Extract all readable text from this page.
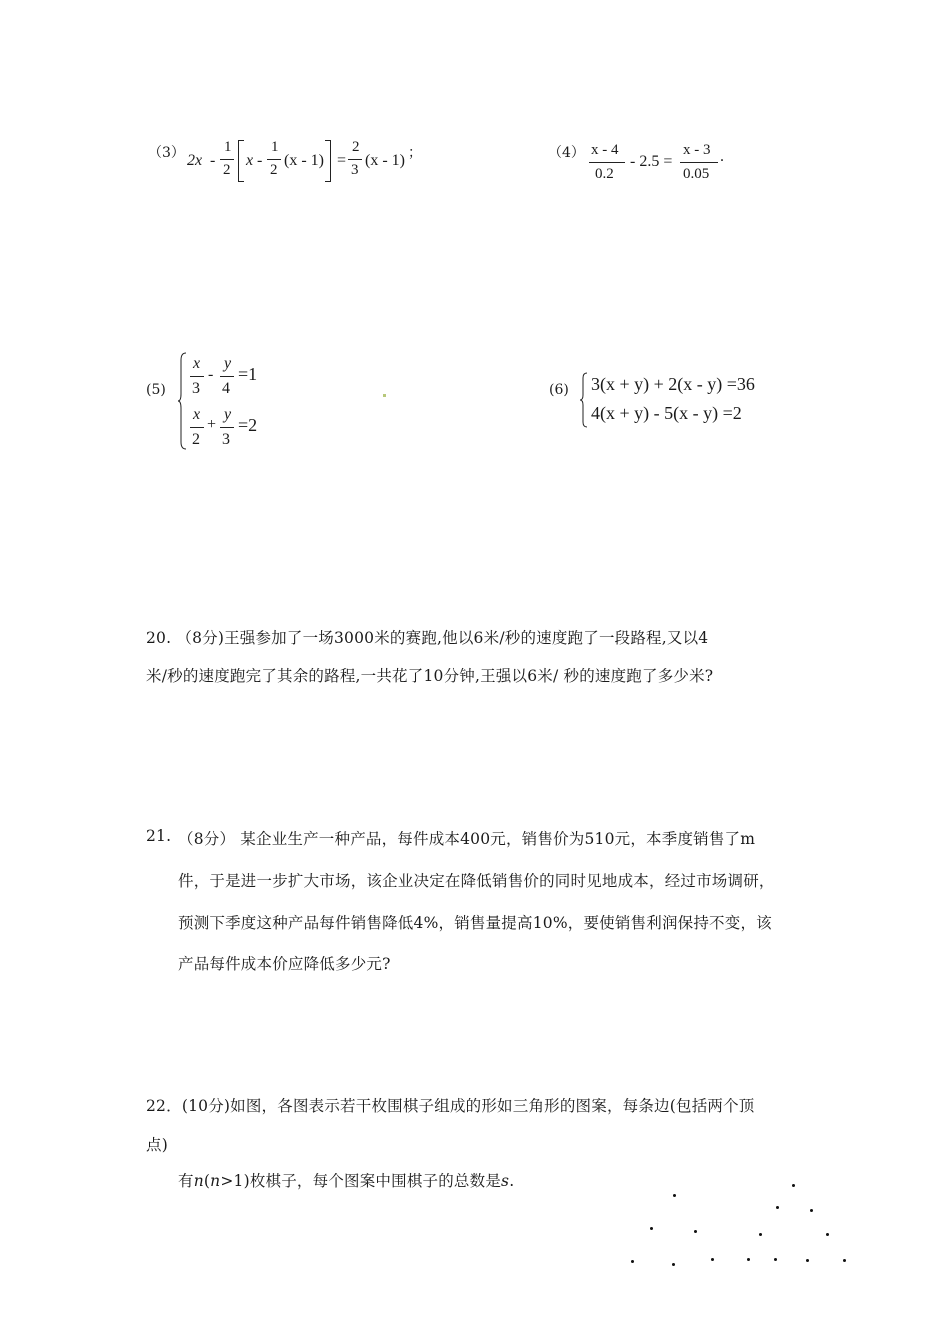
（3） 2x -
1
2
x -
1
2
(x - 1) =
2
3
(x - 1) ；	（4） x - 4
0.2
- 2.5 =
x - 3
0.05
.
(5)
x
3
-
y
4
=1
x
2
+
y
3
=2
(6) 3(x + y) + 2(x - y) =36
4(x + y) - 5(x - y) =2
20. （8分)王强参加了一场3000米的赛跑,他以6米/秒的速度跑了一段路程,又以4
米/秒的速度跑完了其余的路程,一共花了10分钟,王强以6米/ 秒的速度跑了多少米?
21. （8分） 某企业生产一种产品，每件成本400元，销售价为510元，本季度销售了m
件，于是进一步扩大市场，该企业决定在降低销售价的同时见地成本，经过市场调研，
预测下季度这种产品每件销售降低4%，销售量提高10%，要使销售利润保持不变，该
产品每件成本价应降低多少元?
22．(10分)如图，各图表示若干枚围棋子组成的形如三角形的图案，每条边(包括两个顶
点)
有n(n>1)枚棋子，每个图案中围棋子的总数是s.
